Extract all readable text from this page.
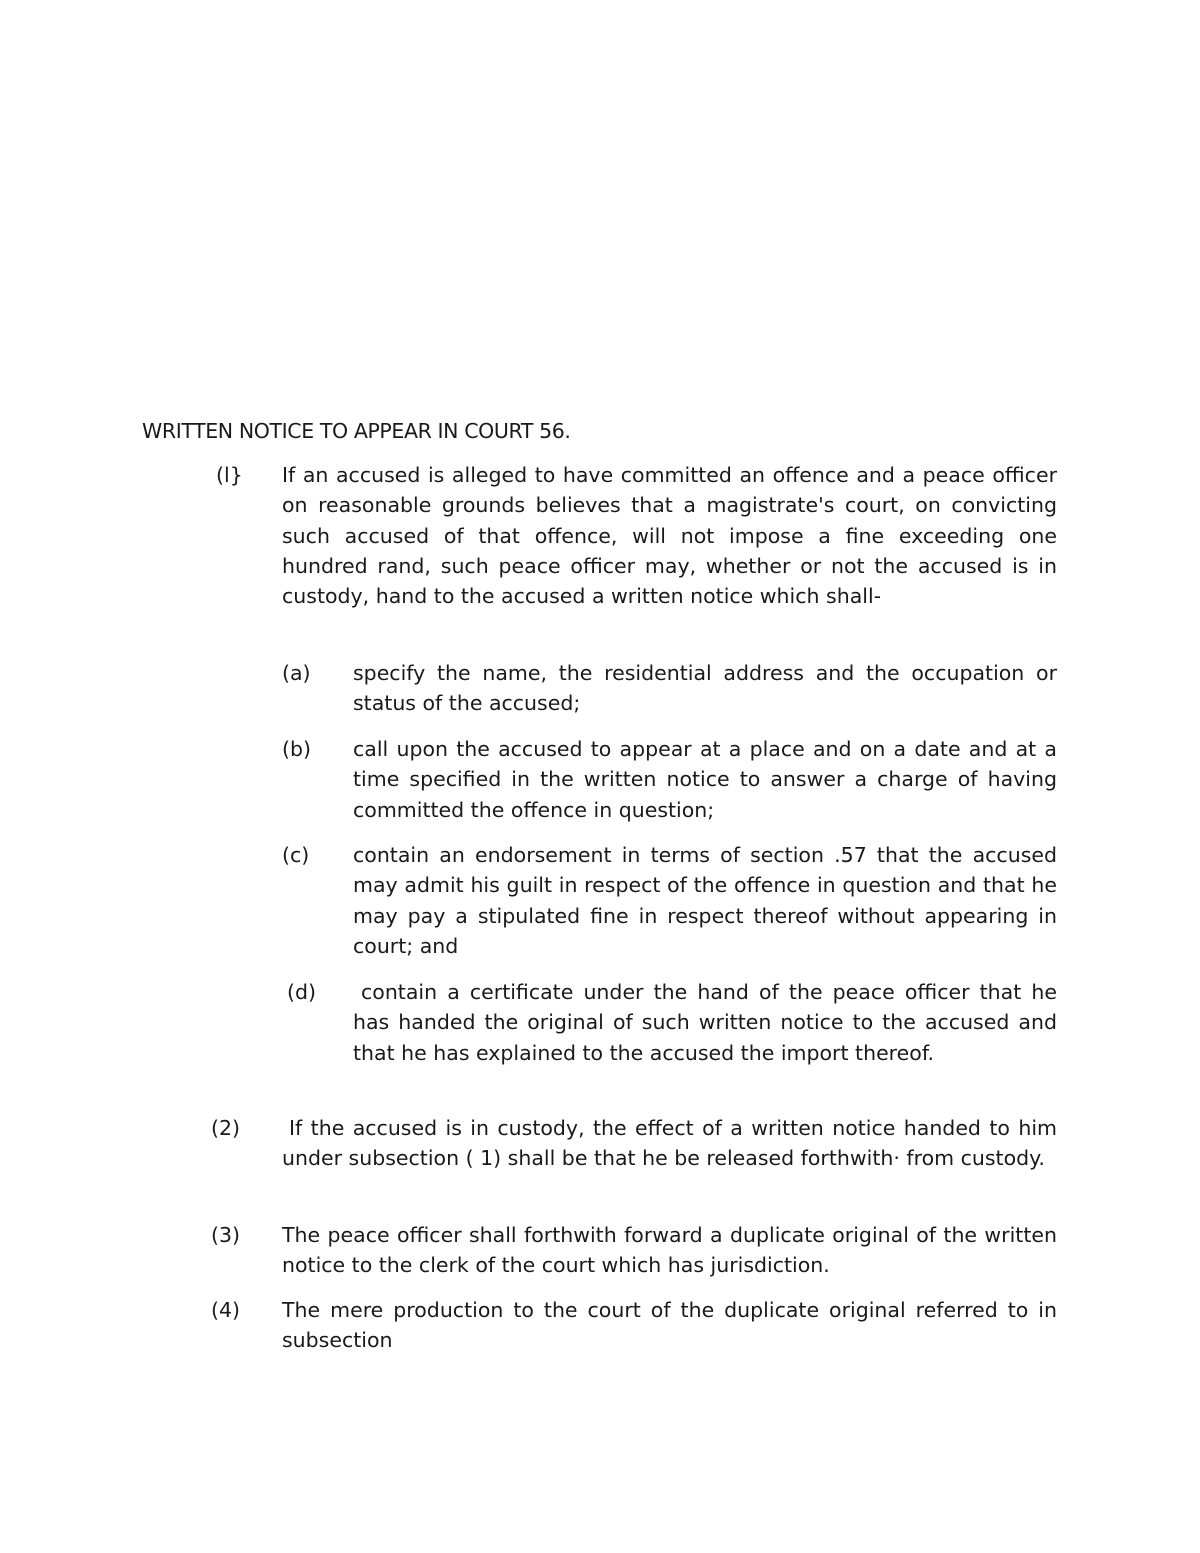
WRITTEN NOTICE TO APPEAR IN COURT 56.
(l} If an accused is alleged to have committed an offence and a peace officer on reasonable grounds believes that a magistrate's court, on convicting such accused of that offence, will not impose a fine exceeding one hundred rand, such peace officer may, whether or not the accused is in custody, hand to the accused a written notice which shall-
(a) specify the name, the residential address and the occupation or status of the accused;
(b) call upon the accused to appear at a place and on a date and at a time specified in the written notice to answer a charge of having committed the offence in question;
(c) contain an endorsement in terms of section .57 that the accused may admit his guilt in respect of the offence in question and that he may pay a stipulated fine in respect thereof without appearing in court; and
(d)	contain a certificate under the hand of the peace officer that he has handed the original of such written notice to the accused and that he has explained to the accused the import thereof.
(2)	If the accused is in custody, the effect of a written notice handed to him under subsection ( 1) shall be that he be released forthwith· from custody.
(3) The peace officer shall forthwith forward a duplicate original of the written notice to the clerk of the court which has jurisdiction.
(4) The mere production to the court of the duplicate original referred to in subsection
